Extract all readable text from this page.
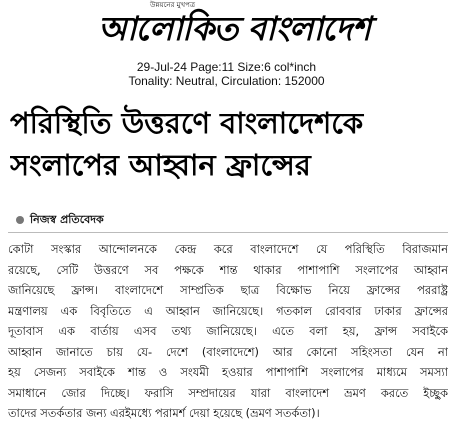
উন্নয়নের মুখপত্র
আলোকিত বাংলাদেশ
29-Jul-24 Page:11 Size:6 col*inch
Tonality: Neutral, Circulation: 152000
পরিস্থিতি উত্তরণে বাংলাদেশকে
সংলাপের আহ্বান ফ্রান্সের
নিজস্ব প্রতিবেদক
কোটা সংস্কার আন্দোলনকে কেন্দ্র করে বাংলাদেশে যে পরিস্থিতি বিরাজমান
রয়েছে, সেটি উত্তরণে সব পক্ষকে শান্ত থাকার পাশাপাশি সংলাপের আহ্বান
জানিয়েছে ফ্রান্স। বাংলাদেশে সাম্প্রতিক ছাত্র বিক্ষোভ নিয়ে ফ্রান্সের পররাষ্ট্র
মন্ত্রণালয় এক বিবৃতিতে এ আহ্বান জানিয়েছে। গতকাল রোববার ঢাকার ফ্রান্সের
দূতাবাস এক বার্তায় এসব তথ্য জানিয়েছে। এতে বলা হয়, ফ্রান্স সবাইকে
আহ্বান জানাতে চায় যে- দেশে (বাংলাদেশে) আর কোনো সহিংসতা যেন না
হয় সেজন্য সবাইকে শান্ত ও সংযমী হওয়ার পাশাপাশি সংলাপের মাধ্যমে সমস্যা
সমাধানে জোর দিচ্ছে। ফরাসি সম্প্রদায়ের যারা বাংলাদেশ ভ্রমণ করতে ইচ্ছুক
তাদের সতর্কতার জন্য এরইমধ্যে পরামর্শ দেয়া হয়েছে (ভ্রমণ সতর্কতা)।
